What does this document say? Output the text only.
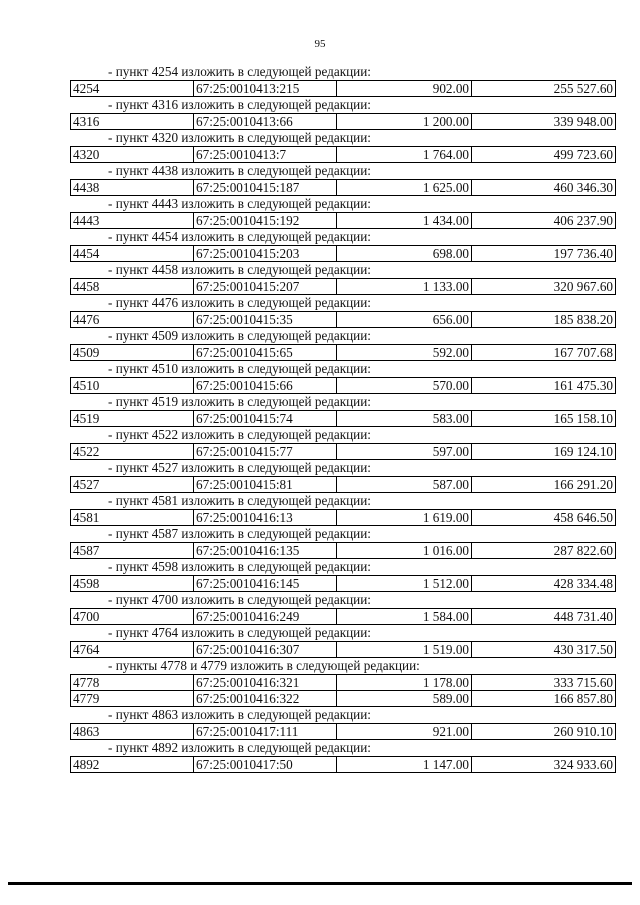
95
- пункт 4254 изложить в следующей редакции:
4254	67:25:0010413:215	902.00	255 527.60
- пункт 4316 изложить в следующей редакции:
4316	67:25:0010413:66	1 200.00	339 948.00
- пункт 4320 изложить в следующей редакции:
4320	67:25:0010413:7	1 764.00	499 723.60
- пункт 4438 изложить в следующей редакции:
4438	67:25:0010415:187	1 625.00	460 346.30
- пункт 4443 изложить в следующей редакции:
4443	67:25:0010415:192	1 434.00	406 237.90
- пункт 4454 изложить в следующей редакции:
4454	67:25:0010415:203	698.00	197 736.40
- пункт 4458 изложить в следующей редакции:
4458	67:25:0010415:207	1 133.00	320 967.60
- пункт 4476 изложить в следующей редакции:
4476	67:25:0010415:35	656.00	185 838.20
- пункт 4509 изложить в следующей редакции:
4509	67:25:0010415:65	592.00	167 707.68
- пункт 4510 изложить в следующей редакции:
4510	67:25:0010415:66	570.00	161 475.30
- пункт 4519 изложить в следующей редакции:
4519	67:25:0010415:74	583.00	165 158.10
- пункт 4522 изложить в следующей редакции:
4522	67:25:0010415:77	597.00	169 124.10
- пункт 4527 изложить в следующей редакции:
4527	67:25:0010415:81	587.00	166 291.20
- пункт 4581 изложить в следующей редакции:
4581	67:25:0010416:13	1 619.00	458 646.50
- пункт 4587 изложить в следующей редакции:
4587	67:25:0010416:135	1 016.00	287 822.60
- пункт 4598 изложить в следующей редакции:
4598	67:25:0010416:145	1 512.00	428 334.48
- пункт 4700 изложить в следующей редакции:
4700	67:25:0010416:249	1 584.00	448 731.40
- пункт 4764 изложить в следующей редакции:
4764	67:25:0010416:307	1 519.00	430 317.50
- пункты 4778 и 4779 изложить в следующей редакции:
4778	67:25:0010416:321	1 178.00	333 715.60
4779	67:25:0010416:322	589.00	166 857.80
- пункт 4863 изложить в следующей редакции:
4863	67:25:0010417:111	921.00	260 910.10
- пункт 4892 изложить в следующей редакции:
4892	67:25:0010417:50	1 147.00	324 933.60
